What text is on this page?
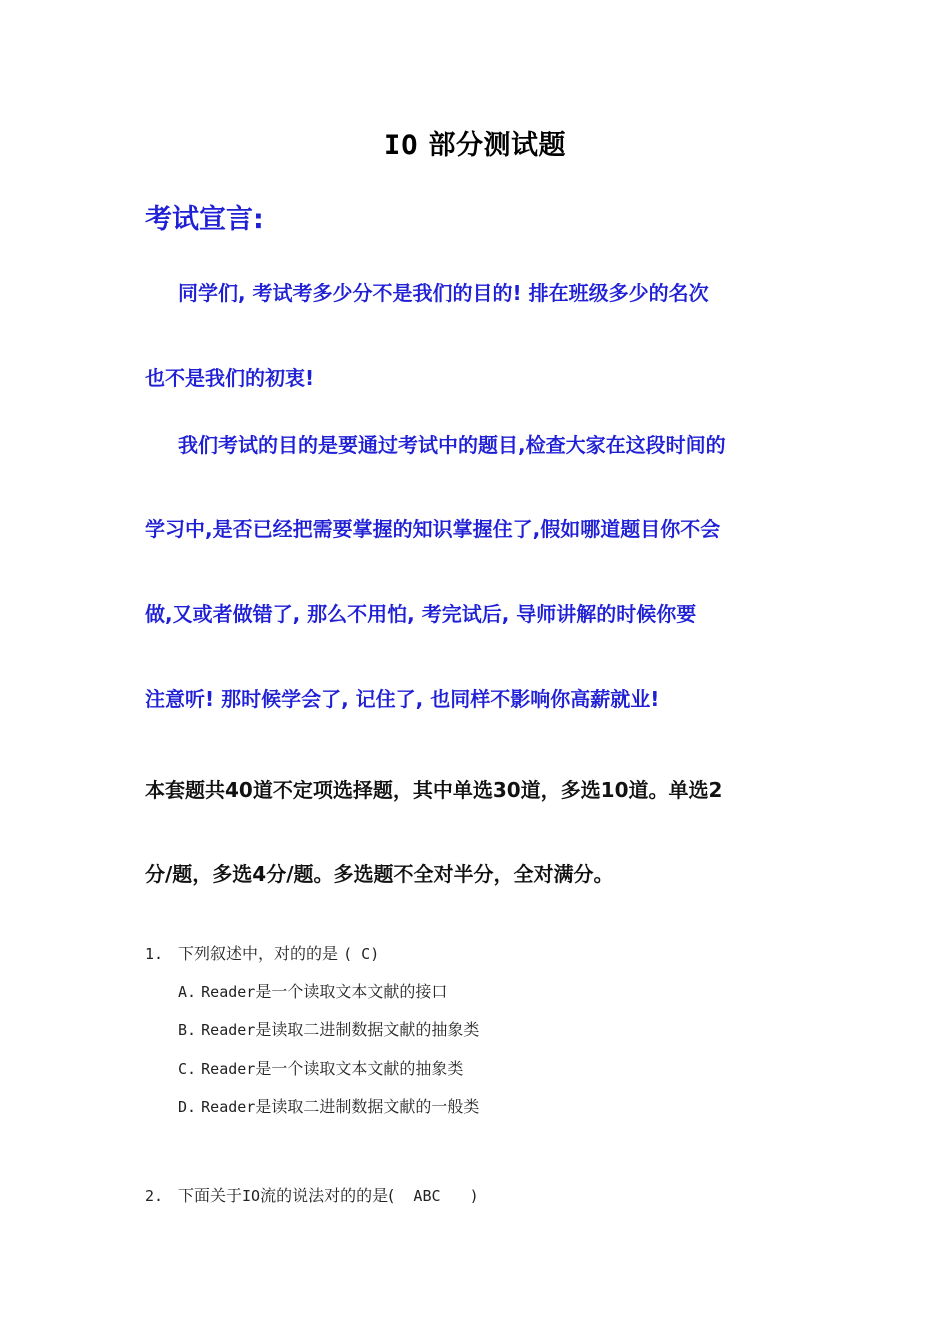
IO 部分测试题
考试宣言:
同学们, 考试考多少分不是我们的目的! 排在班级多少的名次
也不是我们的初衷!
我们考试的目的是要通过考试中的题目,检查大家在这段时间的
学习中,是否已经把需要掌握的知识掌握住了,假如哪道题目你不会
做,又或者做错了, 那么不用怕, 考完试后, 导师讲解的时候你要
注意听! 那时候学会了, 记住了, 也同样不影响你高薪就业!
本套题共40道不定项选择题，其中单选30道，多选10道。单选2
分/题，多选4分/题。多选题不全对半分，全对满分。
1. 下列叙述中，对的的是 ( C)
A. Reader是一个读取文本文献的接口
B. Reader是读取二进制数据文献的抽象类
C. Reader是一个读取文本文献的抽象类
D. Reader是读取二进制数据文献的一般类
2. 下面关于IO流的说法对的的是( ABC )
